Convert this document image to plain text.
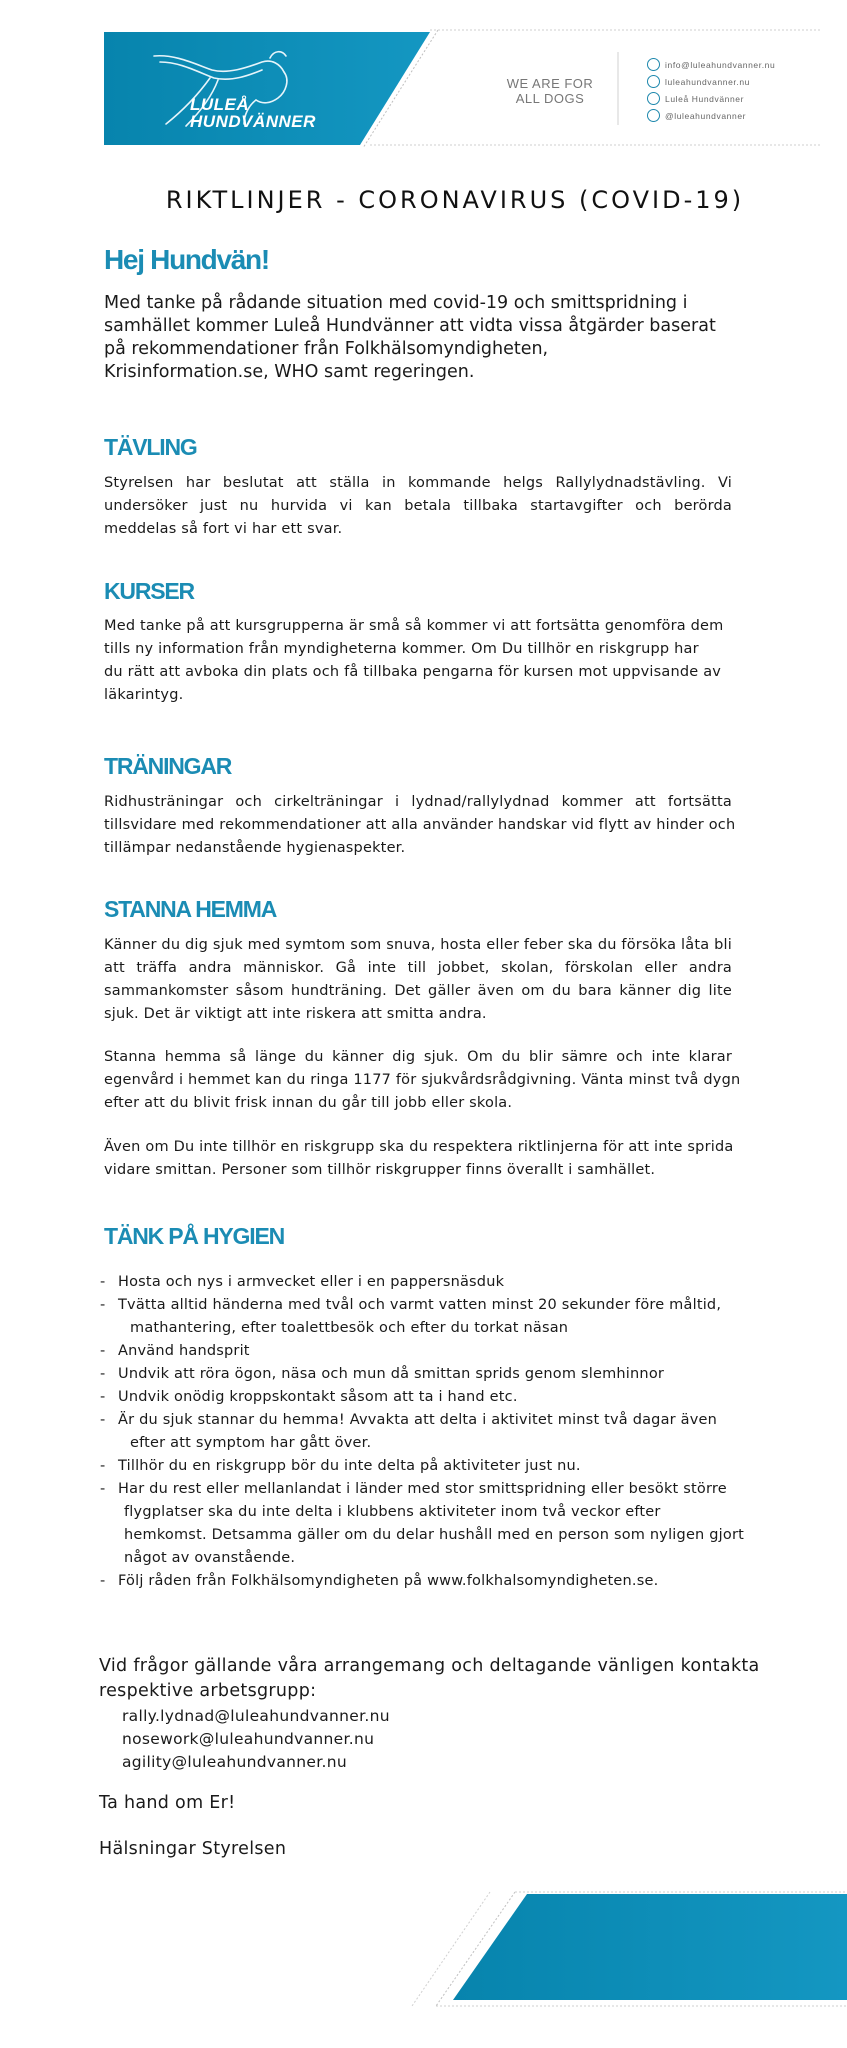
LULEÅ
HUNDVÄNNER
WE ARE FOR
ALL DOGS
info@luleahundvanner.nu
luleahundvanner.nu
Luleå Hundvänner
@luleahundvanner
RIKTLINJER - CORONAVIRUS (COVID-19)
Hej Hundvän!
Med tanke på rådande situation med covid-19 och smittspridning i
samhället kommer Luleå Hundvänner att vidta vissa åtgärder baserat
på rekommendationer från Folkhälsomyndigheten,
Krisinformation.se, WHO samt regeringen.
TÄVLING
Styrelsen har beslutat att ställa in kommande helgs Rallylydnadstävling. Vi
undersöker just nu hurvida vi kan betala tillbaka startavgifter och berörda
meddelas så fort vi har ett svar.
KURSER
Med tanke på att kursgrupperna är små så kommer vi att fortsätta genomföra dem
tills ny information från myndigheterna kommer. Om Du tillhör en riskgrupp har
du rätt att avboka din plats och få tillbaka pengarna för kursen mot uppvisande av
läkarintyg.
TRÄNINGAR
Ridhusträningar och cirkelträningar i lydnad/rallylydnad kommer att fortsätta
tillsvidare med rekommendationer att alla använder handskar vid flytt av hinder och
tillämpar nedanstående hygienaspekter.
STANNA HEMMA
Känner du dig sjuk med symtom som snuva, hosta eller feber ska du försöka låta bli
att träffa andra människor. Gå inte till jobbet, skolan, förskolan eller andra
sammankomster såsom hundträning. Det gäller även om du bara känner dig lite
sjuk. Det är viktigt att inte riskera att smitta andra.
Stanna hemma så länge du känner dig sjuk. Om du blir sämre och inte klarar
egenvård i hemmet kan du ringa 1177 för sjukvårdsrådgivning. Vänta minst två dygn
efter att du blivit frisk innan du går till jobb eller skola.
Även om Du inte tillhör en riskgrupp ska du respektera riktlinjerna för att inte sprida
vidare smittan. Personer som tillhör riskgrupper finns överallt i samhället.
TÄNK PÅ HYGIEN
- Hosta och nys i armvecket eller i en pappersnäsduk
- Tvätta alltid händerna med tvål och varmt vatten minst 20 sekunder före måltid,
mathantering, efter toalettbesök och efter du torkat näsan
- Använd handsprit
- Undvik att röra ögon, näsa och mun då smittan sprids genom slemhinnor
- Undvik onödig kroppskontakt såsom att ta i hand etc.
- Är du sjuk stannar du hemma! Avvakta att delta i aktivitet minst två dagar även
efter att symptom har gått över.
- Tillhör du en riskgrupp bör du inte delta på aktiviteter just nu.
- Har du rest eller mellanlandat i länder med stor smittspridning eller besökt större
flygplatser ska du inte delta i klubbens aktiviteter inom två veckor efter
hemkomst. Detsamma gäller om du delar hushåll med en person som nyligen gjort
något av ovanstående.
- Följ råden från Folkhälsomyndigheten på www.folkhalsomyndigheten.se.
Vid frågor gällande våra arrangemang och deltagande vänligen kontakta
respektive arbetsgrupp:
rally.lydnad@luleahundvanner.nu
nosework@luleahundvanner.nu
agility@luleahundvanner.nu
Ta hand om Er!
Hälsningar Styrelsen
